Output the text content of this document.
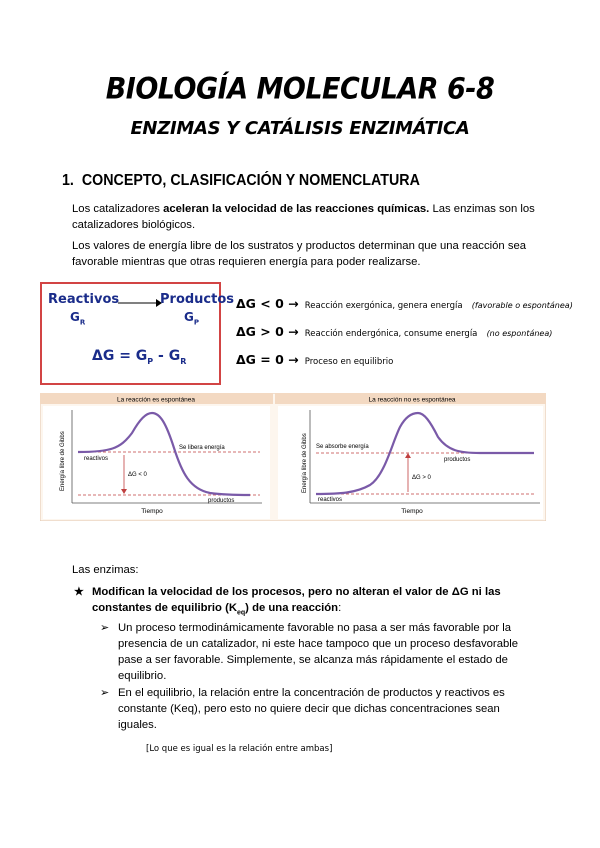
BIOLOGÍA MOLECULAR 6-8
ENZIMAS Y CATÁLISIS ENZIMÁTICA
1. CONCEPTO, CLASIFICACIÓN Y NOMENCLATURA
Los catalizadores aceleran la velocidad de las reacciones químicas. Las enzimas son los catalizadores biológicos.
Los valores de energía libre de los sustratos y productos determinan que una reacción sea favorable mientras que otras requieren energía para poder realizarse.
Reactivos	Productos
$G_R$	$G_P$
$\Delta G = G_P - G_R$
ΔG < 0 → Reacción exergónica, genera energía (favorable o espontánea)
ΔG > 0 → Reacción endergónica, consume energía (no espontánea)
ΔG = 0 → Proceso en equilibrio
La reacción es espontánea
Energía libre de Gibbs
Tiempo
Se libera energía
reactivos
ΔG < 0
productos
La reacción no es espontánea
Energía libre de Gibbs
Tiempo
Se absorbe energía
ΔG > 0
productos
reactivos
Las enzimas:
★ Modifican la velocidad de los procesos, pero no alteran el valor de ΔG ni las constantes de equilibrio $(K_{eq})$ de una reacción:
➢ Un proceso termodinámicamente favorable no pasa a ser más favorable por la presencia de un catalizador, ni este hace tampoco que un proceso desfavorable pase a ser favorable. Simplemente, se alcanza más rápidamente el estado de equilibrio.
➢ En el equilibrio, la relación entre la concentración de productos y reactivos es constante (Keq), pero esto no quiere decir que dichas concentraciones sean iguales.
[Lo que es igual es la relación entre ambas]
